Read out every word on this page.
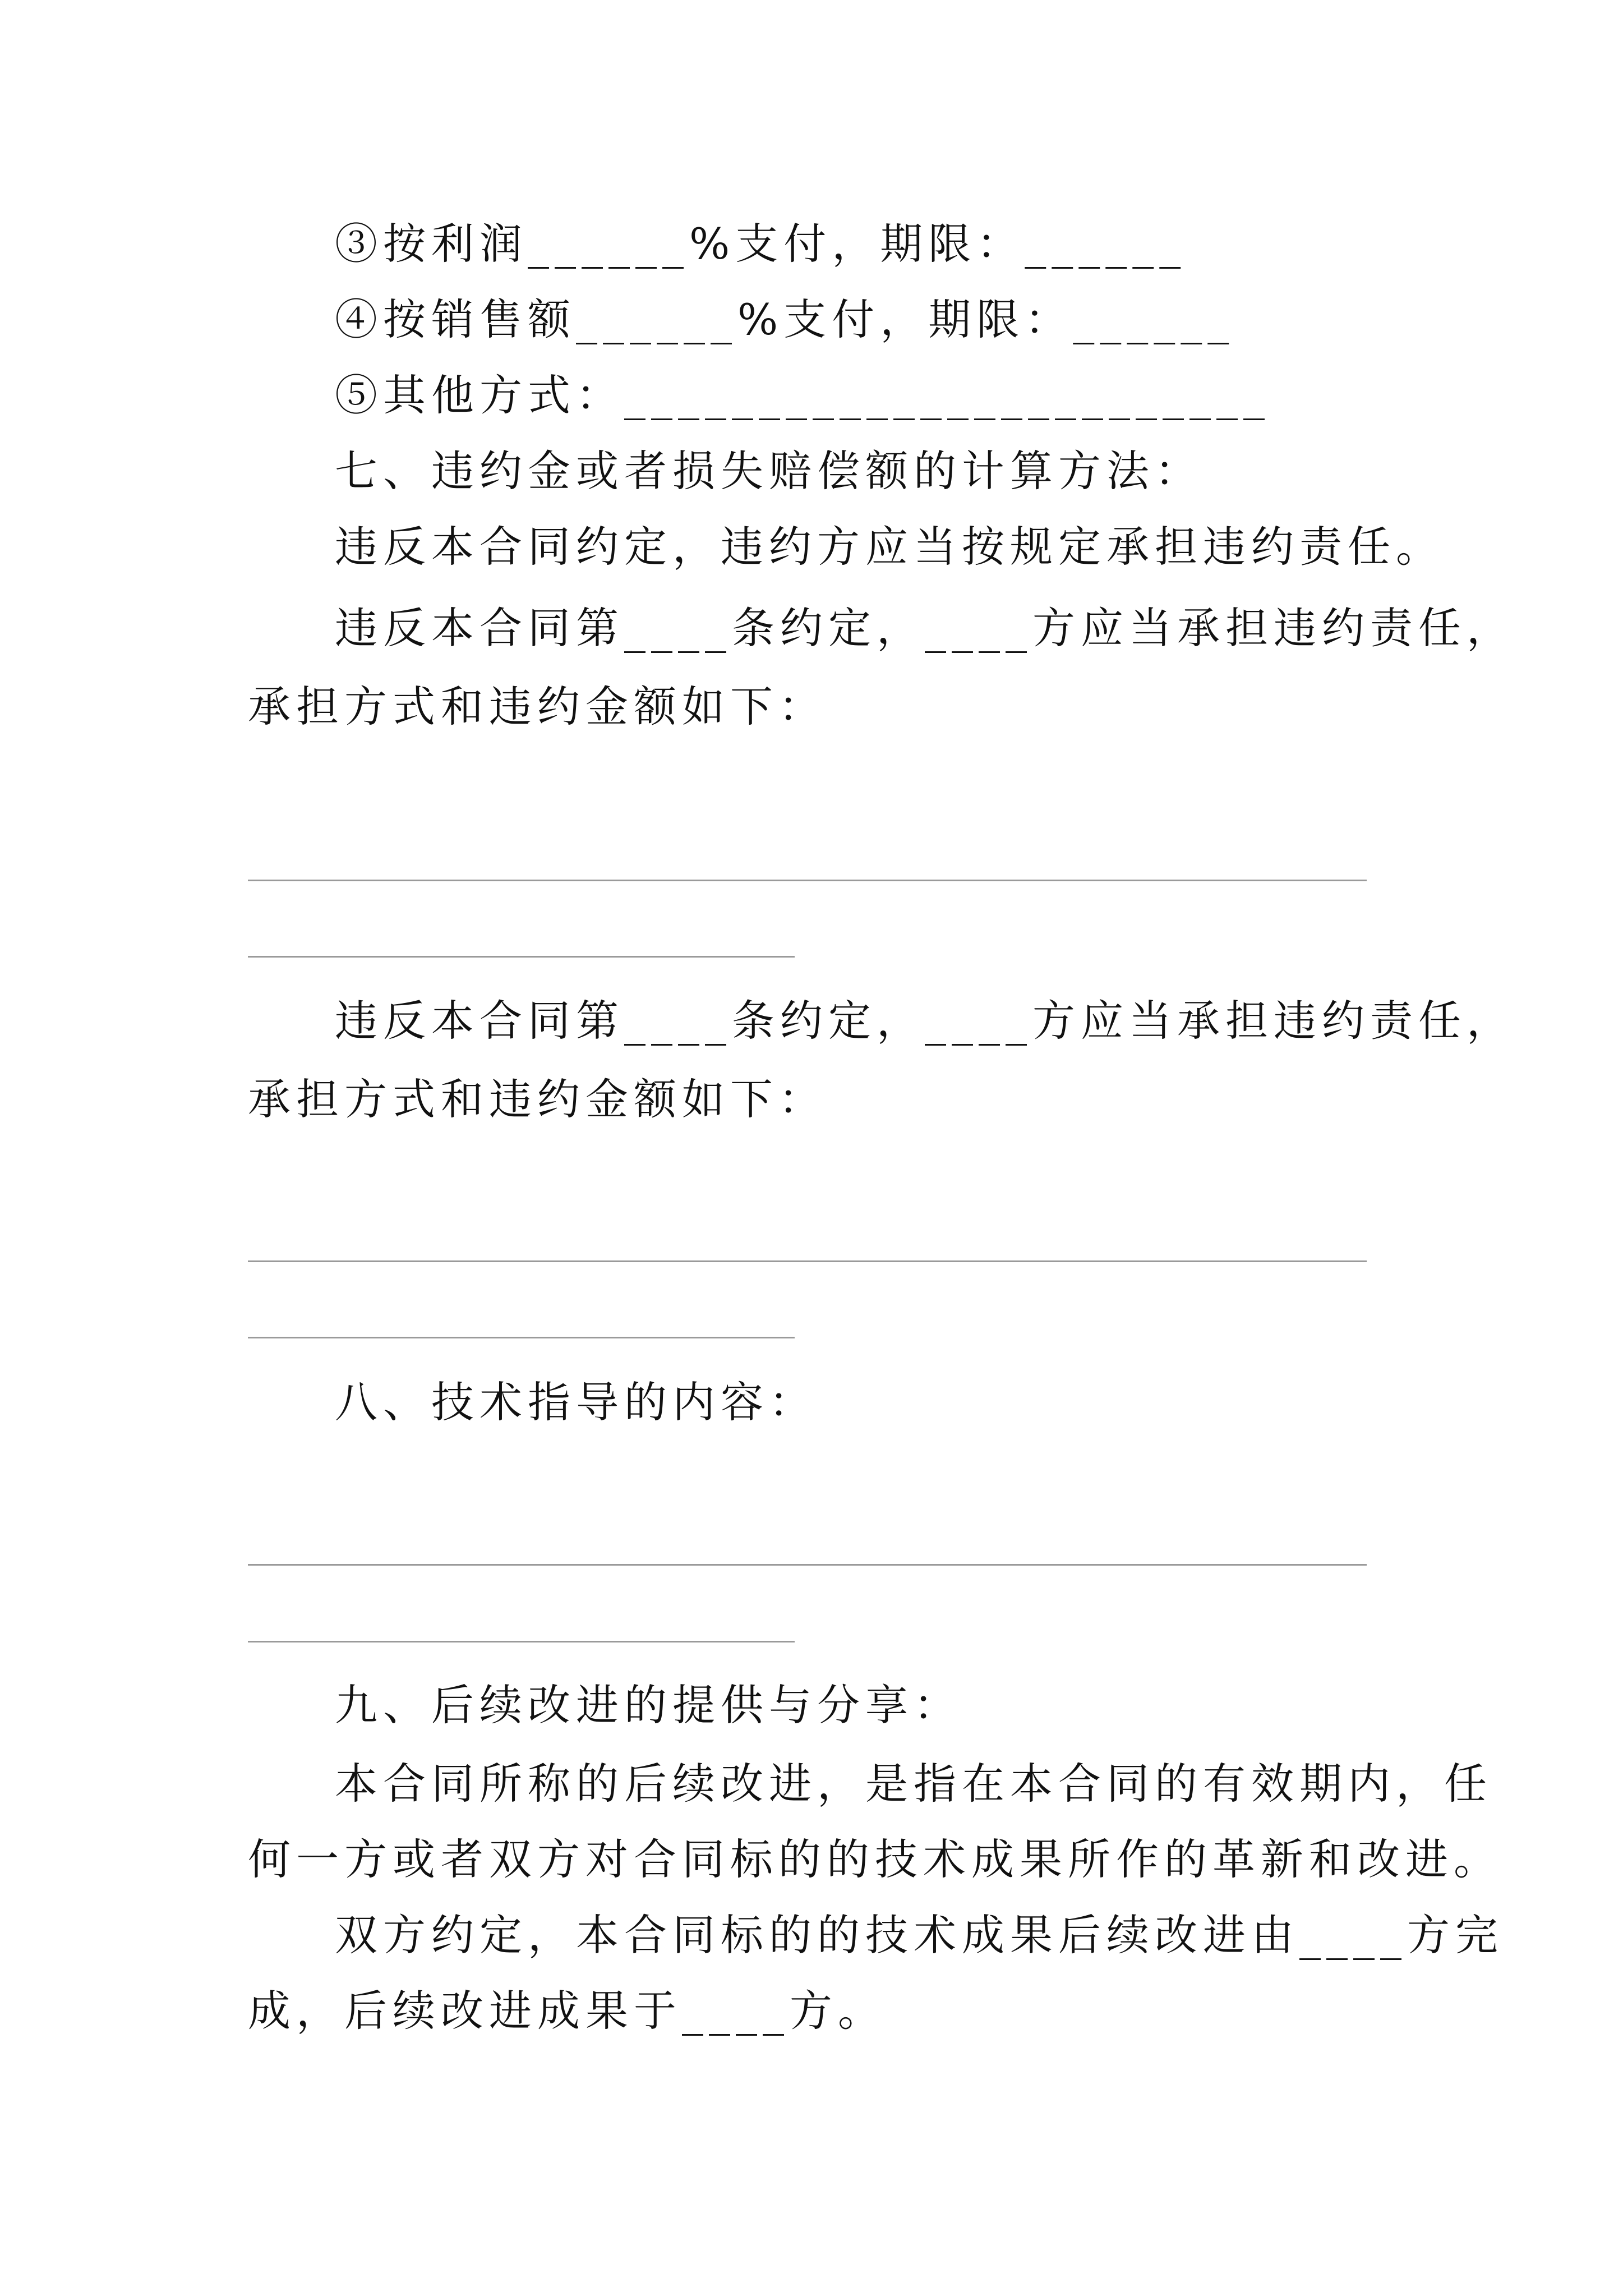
③按利润______%支付，期限：______
④按销售额______%支付，期限：______
⑤其他方式：________________________
七、违约金或者损失赔偿额的计算方法：
违反本合同约定，违约方应当按规定承担违约责任。
违反本合同第____条约定，____方应当承担违约责任，
承担方式和违约金额如下：
违反本合同第____条约定，____方应当承担违约责任，
承担方式和违约金额如下：
八、技术指导的内容：
九、后续改进的提供与分享：
本合同所称的后续改进，是指在本合同的有效期内，任
何一方或者双方对合同标的的技术成果所作的革新和改进。
双方约定，本合同标的的技术成果后续改进由____方完
成，后续改进成果于____方。
